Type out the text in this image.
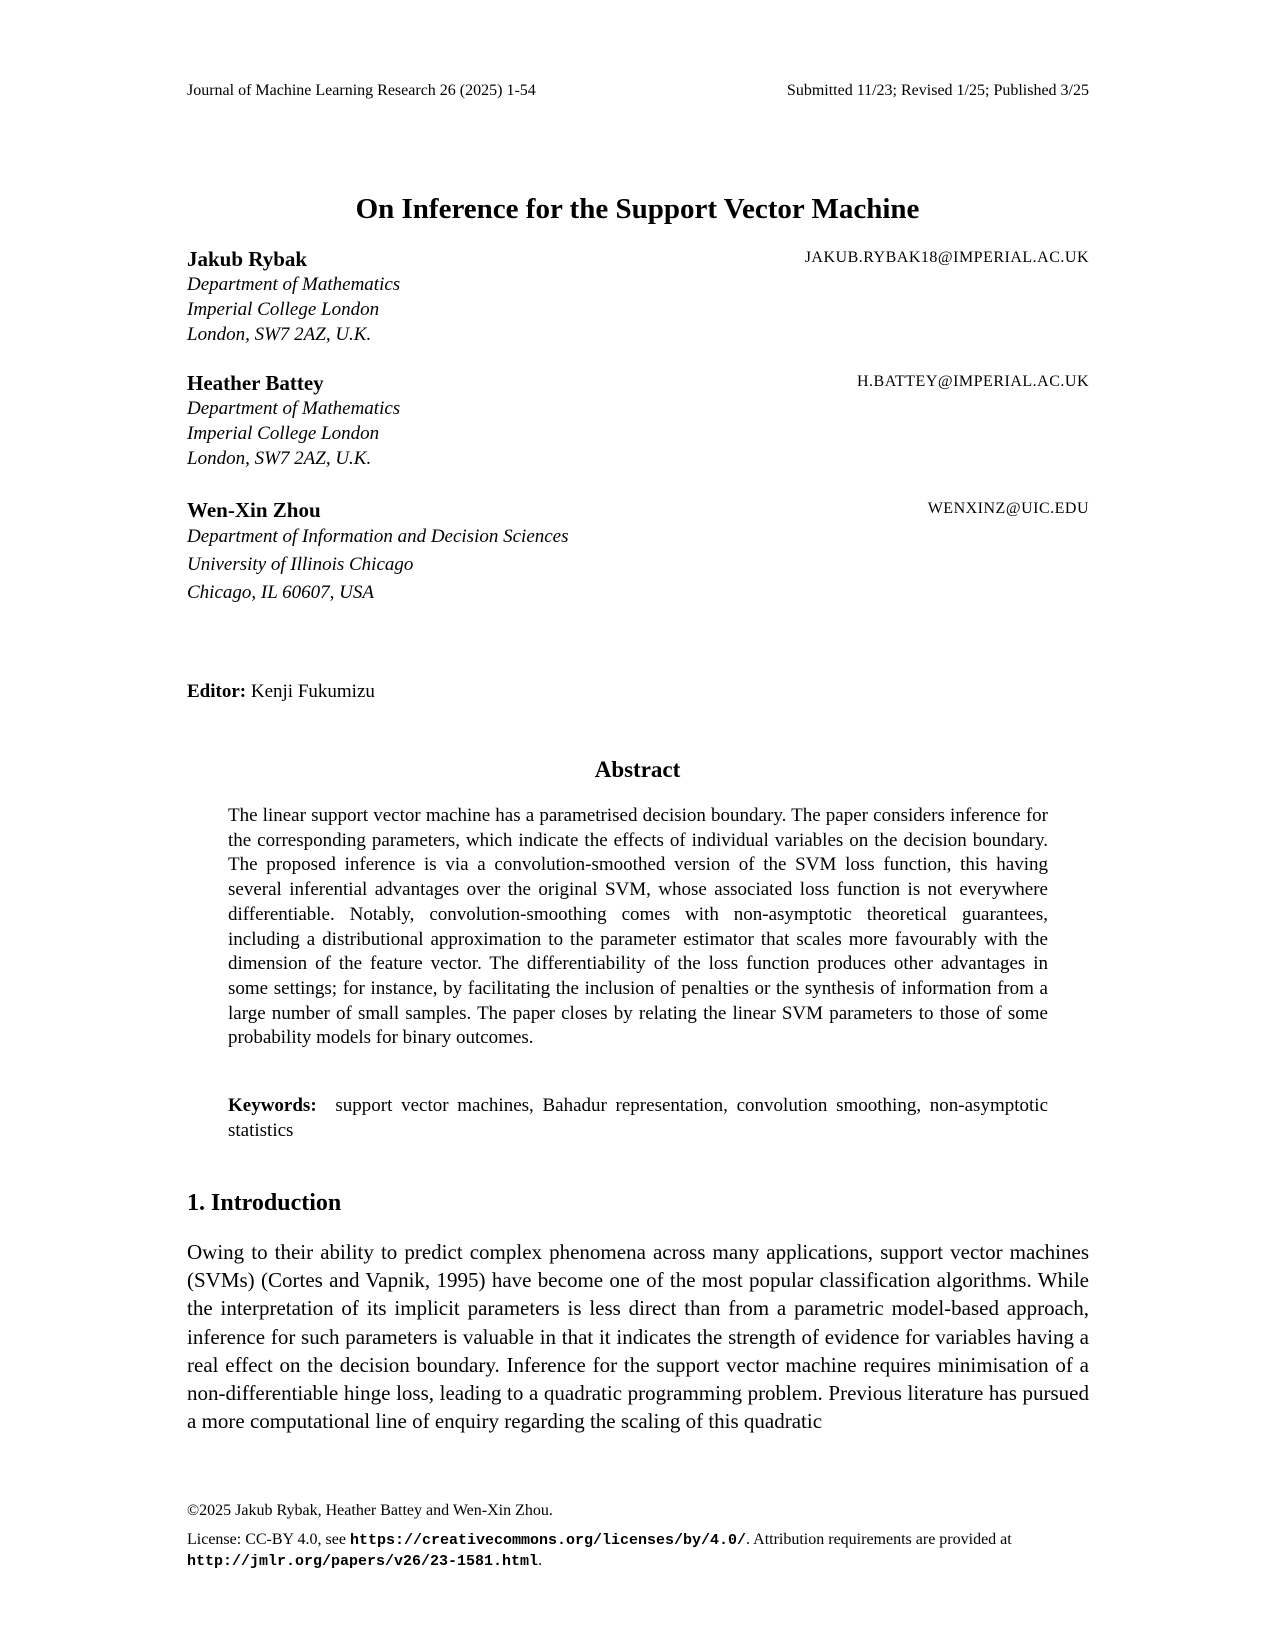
Journal of Machine Learning Research 26 (2025) 1-54	Submitted 11/23; Revised 1/25; Published 3/25
On Inference for the Support Vector Machine
Jakub Rybak	JAKUB.RYBAK18@IMPERIAL.AC.UK
Department of Mathematics
Imperial College London
London, SW7 2AZ, U.K.
Heather Battey	H.BATTEY@IMPERIAL.AC.UK
Department of Mathematics
Imperial College London
London, SW7 2AZ, U.K.
Wen-Xin Zhou	WENXINZ@UIC.EDU
Department of Information and Decision Sciences
University of Illinois Chicago
Chicago, IL 60607, USA
Editor: Kenji Fukumizu
Abstract
The linear support vector machine has a parametrised decision boundary. The paper considers inference for the corresponding parameters, which indicate the effects of individual variables on the decision boundary. The proposed inference is via a convolution-smoothed version of the SVM loss function, this having several inferential advantages over the original SVM, whose associated loss function is not everywhere differentiable. Notably, convolution-smoothing comes with non-asymptotic theoretical guarantees, including a distributional approximation to the parameter estimator that scales more favourably with the dimension of the feature vector. The differentiability of the loss function produces other advantages in some settings; for instance, by facilitating the inclusion of penalties or the synthesis of information from a large number of small samples. The paper closes by relating the linear SVM parameters to those of some probability models for binary outcomes.
Keywords: support vector machines, Bahadur representation, convolution smoothing, non-asymptotic statistics
1. Introduction
Owing to their ability to predict complex phenomena across many applications, support vector machines (SVMs) (Cortes and Vapnik, 1995) have become one of the most popular classification algorithms. While the interpretation of its implicit parameters is less direct than from a parametric model-based approach, inference for such parameters is valuable in that it indicates the strength of evidence for variables having a real effect on the decision boundary. Inference for the support vector machine requires minimisation of a non-differentiable hinge loss, leading to a quadratic programming problem. Previous literature has pursued a more computational line of enquiry regarding the scaling of this quadratic
©2025 Jakub Rybak, Heather Battey and Wen-Xin Zhou.
License: CC-BY 4.0, see https://creativecommons.org/licenses/by/4.0/. Attribution requirements are provided at http://jmlr.org/papers/v26/23-1581.html.
